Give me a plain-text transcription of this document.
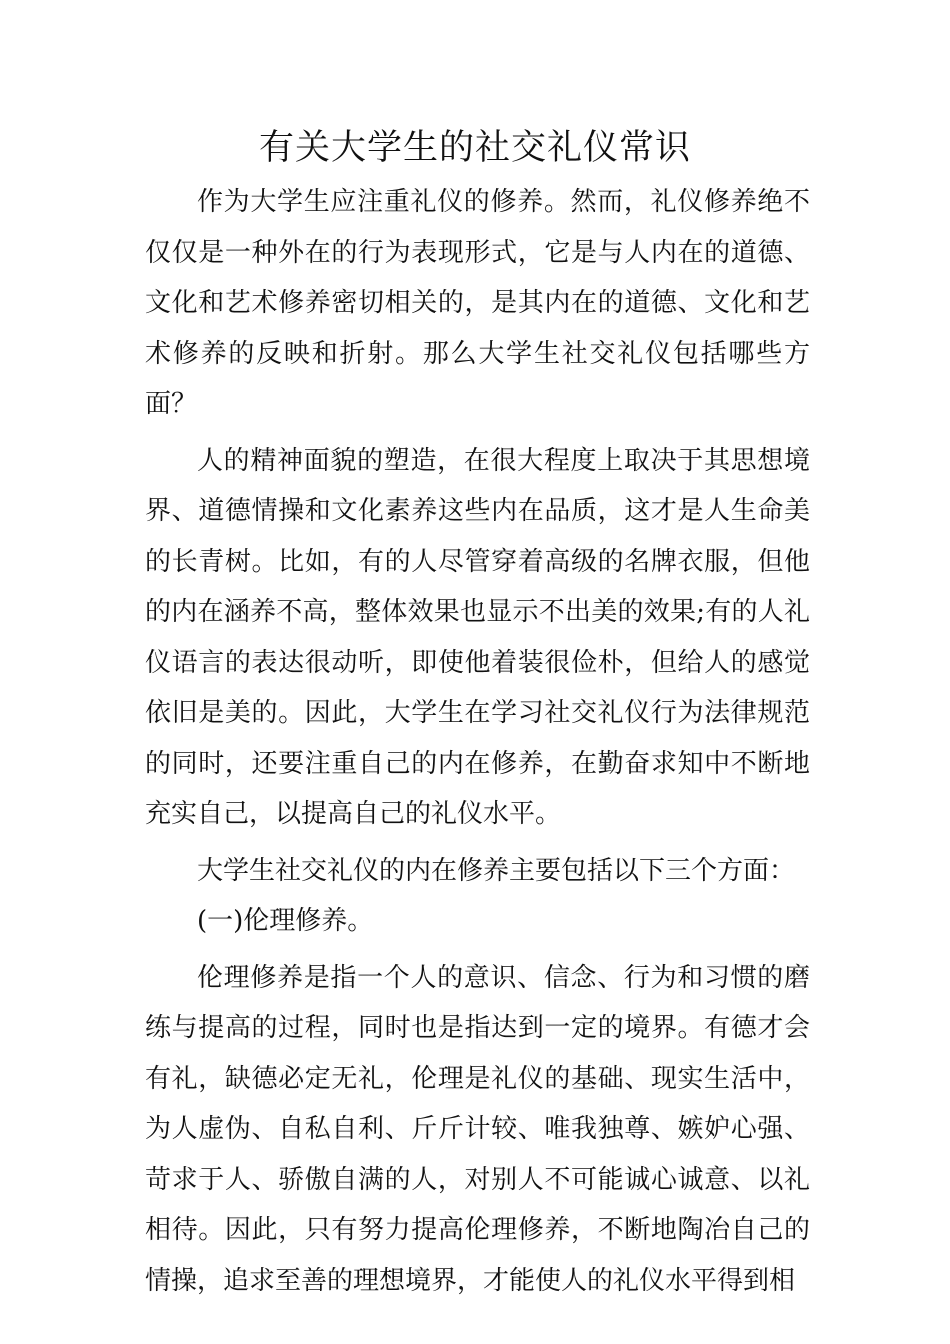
有关大学生的社交礼仪常识

作为大学生应注重礼仪的修养。然而，礼仪修养绝不仅仅是一种外在的行为表现形式，它是与人内在的道德、文化和艺术修养密切相关的，是其内在的道德、文化和艺术修养的反映和折射。那么大学生社交礼仪包括哪些方面？

人的精神面貌的塑造，在很大程度上取决于其思想境界、道德情操和文化素养这些内在品质，这才是人生命美的长青树。比如，有的人尽管穿着高级的名牌衣服，但他的内在涵养不高，整体效果也显示不出美的效果;有的人礼仪语言的表达很动听，即使他着装很俭朴，但给人的感觉依旧是美的。因此，大学生在学习社交礼仪行为法律规范的同时，还要注重自己的内在修养，在勤奋求知中不断地充实自己，以提高自己的礼仪水平。

大学生社交礼仪的内在修养主要包括以下三个方面：

(一)伦理修养。

伦理修养是指一个人的意识、信念、行为和习惯的磨练与提高的过程，同时也是指达到一定的境界。有德才会有礼，缺德必定无礼，伦理是礼仪的基础、现实生活中，为人虚伪、自私自利、斤斤计较、唯我独尊、嫉妒心强、苛求于人、骄傲自满的人，对别人不可能诚心诚意、以礼相待。因此，只有努力提高伦理修养，不断地陶冶自己的情操，追求至善的理想境界，才能使人的礼仪水平得到相
